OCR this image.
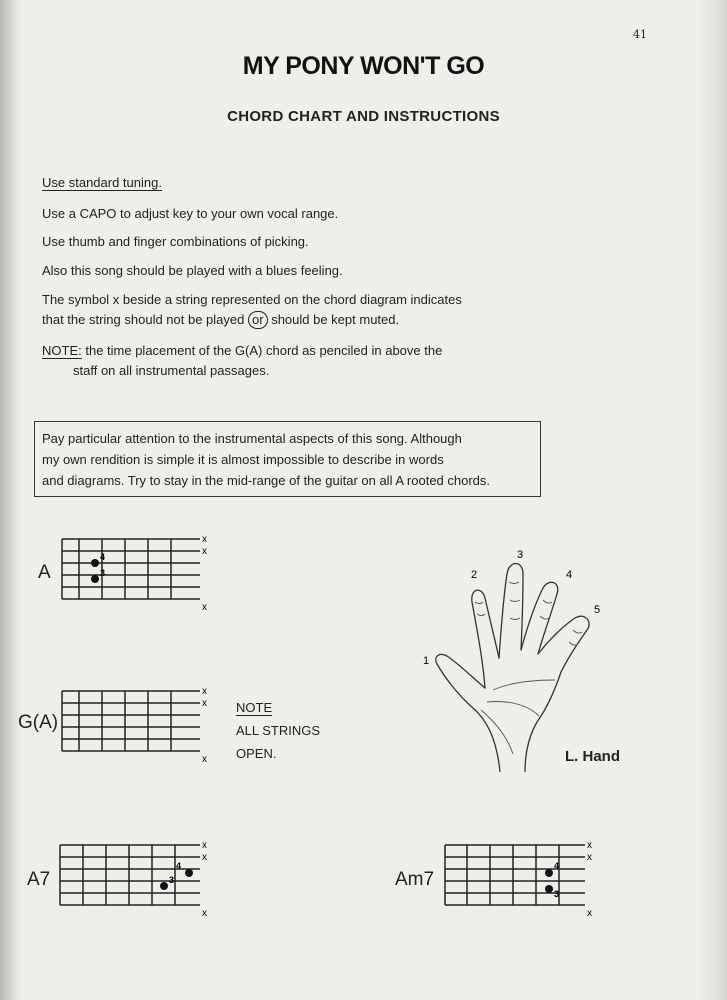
41
MY PONY WON'T GO
CHORD CHART AND INSTRUCTIONS
Use standard tuning.
Use a CAPO to adjust key to your own vocal range.
Use thumb and finger combinations of picking.
Also this song should be played with a blues feeling.
The symbol x beside a string represented on the chord diagram indicates
that the string should not be played or should be kept muted.
NOTE: the time placement of the G(A) chord as penciled in above the
staff on all instrumental passages.
Pay particular attention to the instrumental aspects of this song. Although
my own rendition is simple it is almost impossible to describe in words
and diagrams. Try to stay in the mid-range of the guitar on all A rooted chords.
A
4
3
x
x
x
G(A)
x
x
x
NOTE
ALL STRINGS
OPEN.
A7
4
3
x
x
x
Am7
4
3
x
x
x
3
2	4
5
1
L. Hand
